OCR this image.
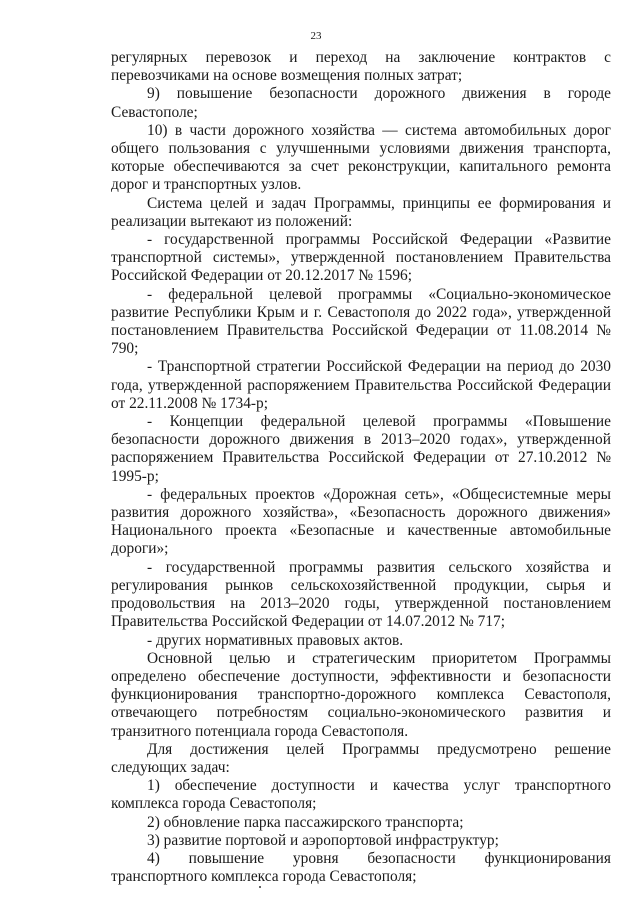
23

регулярных перевозок и переход на заключение контрактов с перевозчиками на основе возмещения полных затрат;

9) повышение безопасности дорожного движения в городе Севастополе;

10) в части дорожного хозяйства — система автомобильных дорог общего пользования с улучшенными условиями движения транспорта, которые обеспечиваются за счет реконструкции, капитального ремонта дорог и транспортных узлов.

Система целей и задач Программы, принципы ее формирования и реализации вытекают из положений:

- государственной программы Российской Федерации «Развитие транспортной системы», утвержденной постановлением Правительства Российской Федерации от 20.12.2017 № 1596;

- федеральной целевой программы «Социально-экономическое развитие Республики Крым и г. Севастополя до 2022 года», утвержденной постановлением Правительства Российской Федерации от 11.08.2014 № 790;

- Транспортной стратегии Российской Федерации на период до 2030 года, утвержденной распоряжением Правительства Российской Федерации от 22.11.2008 № 1734-р;

- Концепции федеральной целевой программы «Повышение безопасности дорожного движения в 2013–2020 годах», утвержденной распоряжением Правительства Российской Федерации от 27.10.2012 № 1995-р;

- федеральных проектов «Дорожная сеть», «Общесистемные меры развития дорожного хозяйства», «Безопасность дорожного движения» Национального проекта «Безопасные и качественные автомобильные дороги»;

- государственной программы развития сельского хозяйства и регулирования рынков сельскохозяйственной продукции, сырья и продовольствия на 2013–2020 годы, утвержденной постановлением Правительства Российской Федерации от 14.07.2012 № 717;

- других нормативных правовых актов.

Основной целью и стратегическим приоритетом Программы определено обеспечение доступности, эффективности и безопасности функционирования транспортно-дорожного комплекса Севастополя, отвечающего потребностям социально-экономического развития и транзитного потенциала города Севастополя.

Для достижения целей Программы предусмотрено решение следующих задач:

1) обеспечение доступности и качества услуг транспортного комплекса города Севастополя;

2) обновление парка пассажирского транспорта;

3) развитие портовой и аэропортовой инфраструктур;

4) повышение уровня безопасности функционирования транспортного комплекса города Севастополя;
